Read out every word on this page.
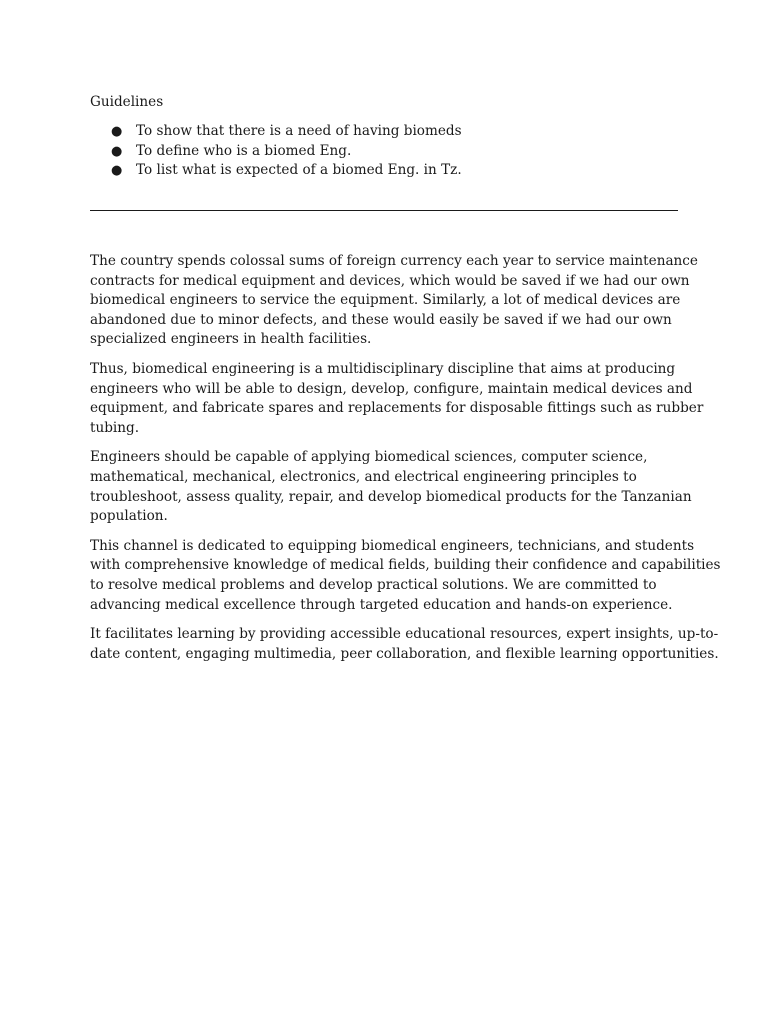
Guidelines

● To show that there is a need of having biomeds
● To define who is a biomed Eng.
● To list what is expected of a biomed Eng. in Tz.

The country spends colossal sums of foreign currency each year to service maintenance
contracts for medical equipment and devices, which would be saved if we had our own
biomedical engineers to service the equipment. Similarly, a lot of medical devices are
abandoned due to minor defects, and these would easily be saved if we had our own
specialized engineers in health facilities.

Thus, biomedical engineering is a multidisciplinary discipline that aims at producing
engineers who will be able to design, develop, configure, maintain medical devices and
equipment, and fabricate spares and replacements for disposable fittings such as rubber
tubing.

Engineers should be capable of applying biomedical sciences, computer science,
mathematical, mechanical, electronics, and electrical engineering principles to
troubleshoot, assess quality, repair, and develop biomedical products for the Tanzanian
population.

This channel is dedicated to equipping biomedical engineers, technicians, and students
with comprehensive knowledge of medical fields, building their confidence and capabilities
to resolve medical problems and develop practical solutions. We are committed to
advancing medical excellence through targeted education and hands-on experience.

It facilitates learning by providing accessible educational resources, expert insights, up-to-
date content, engaging multimedia, peer collaboration, and flexible learning opportunities.
